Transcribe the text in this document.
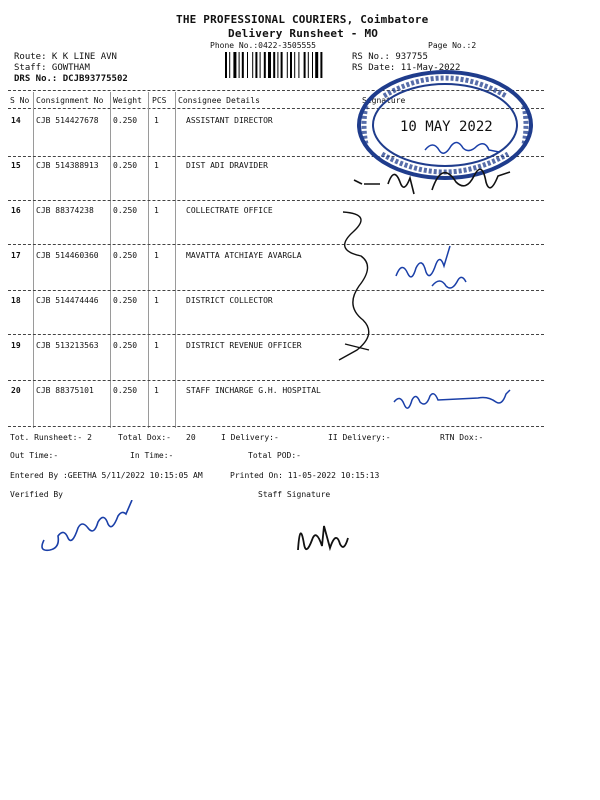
THE PROFESSIONAL COURIERS, Coimbatore
Delivery Runsheet - MO
Phone No.:0422-3505555	Page No.:2
Route: K K LINE AVN
Staff: GOWTHAM
DRS No.: DCJB93775502
RS No.: 937755
RS Date: 11-May-2022
S No Consignment No Weight PCS Consignee Details	Signature
14 CJB 514427678 0.250 1	ASSISTANT DIRECTOR
15 CJB 514388913 0.250 1	DIST ADI DRAVIDER
16 CJB 88374238 0.250 1	COLLECTRATE OFFICE
17 CJB 514460360 0.250 1	MAVATTA ATCHIAYE AVARGLA
18 CJB 514474446 0.250 1	DISTRICT COLLECTOR
19 CJB 513213563 0.250 1	DISTRICT REVENUE OFFICER
20 CJB 88375101 0.250 1	STAFF INCHARGE G.H. HOSPITAL
Tot. Runsheet:- 2	Total Dox:- 20	I Delivery:-	II Delivery:-	RTN Dox:-
Out Time:-	In Time:-	Total POD:-
Entered By :GEETHA 5/11/2022 10:15:05 AM	Printed On: 11-05-2022 10:15:13
Verified By	Staff Signature
10 MAY 2022
